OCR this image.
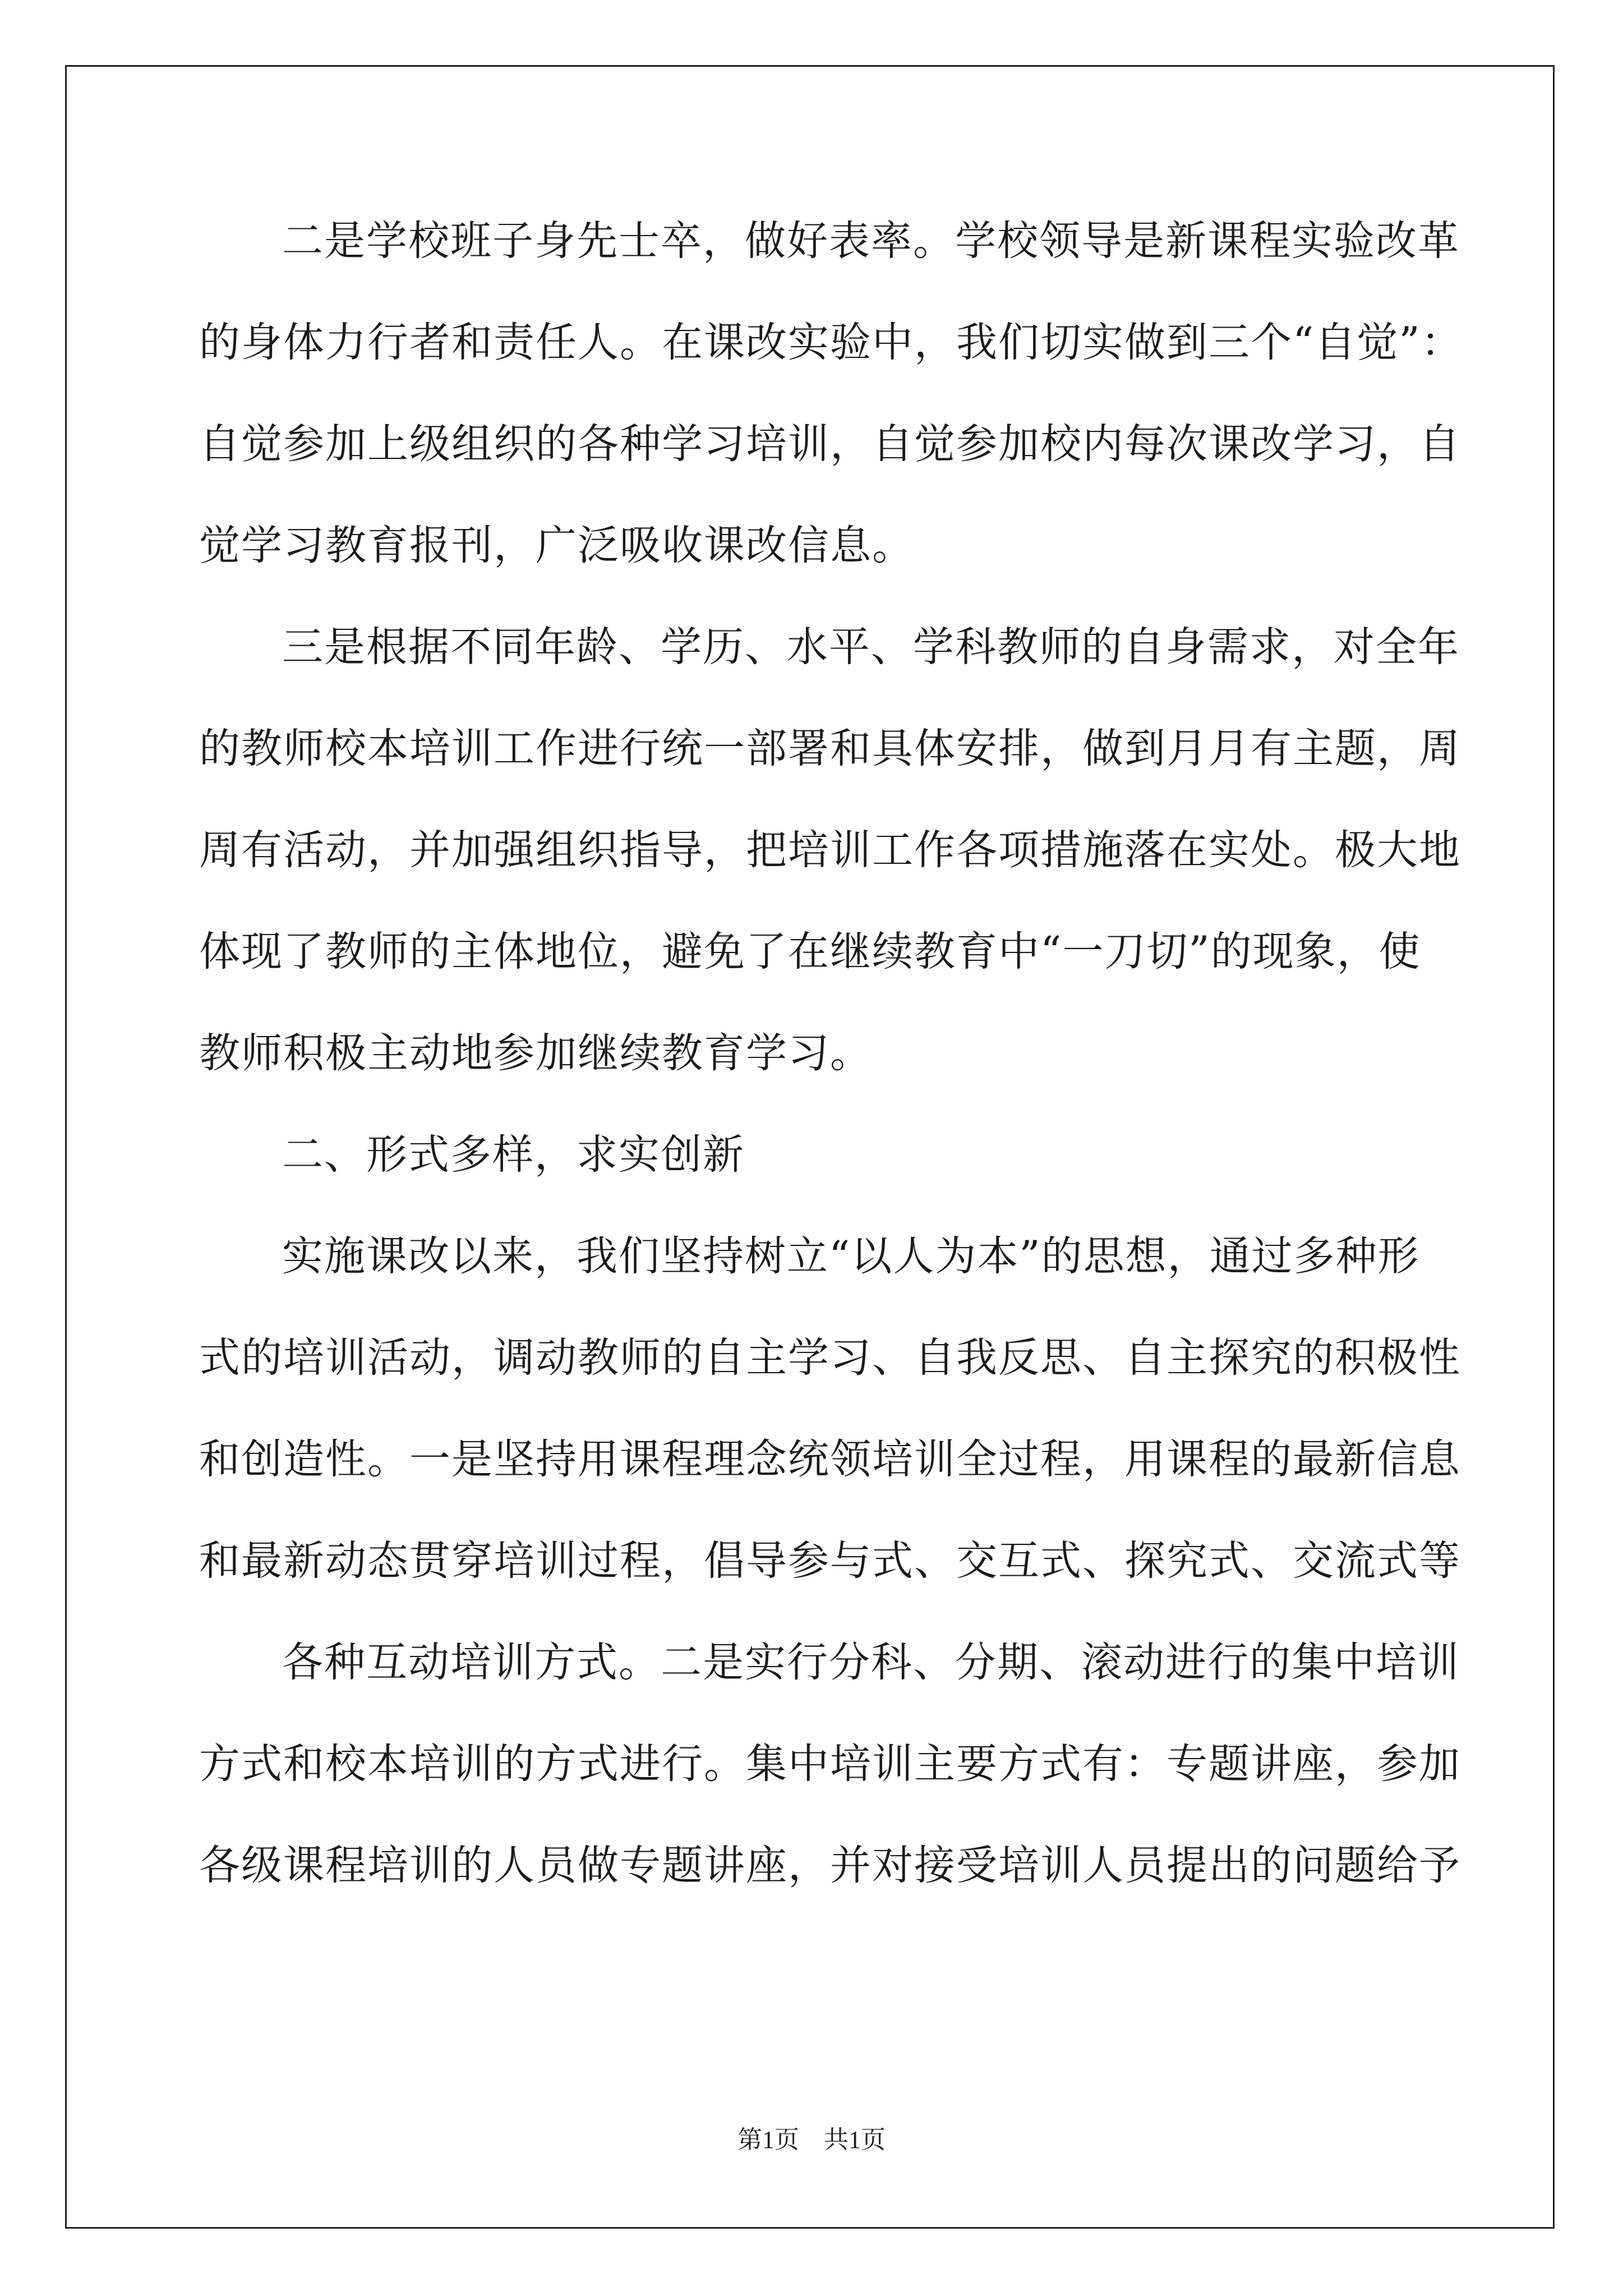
二是学校班子身先士卒，做好表率。学校领导是新课程实验改革
的身体力行者和责任人。在课改实验中，我们切实做到三个“自觉”：
自觉参加上级组织的各种学习培训，自觉参加校内每次课改学习，自
觉学习教育报刊，广泛吸收课改信息。
三是根据不同年龄、学历、水平、学科教师的自身需求，对全年
的教师校本培训工作进行统一部署和具体安排，做到月月有主题，周
周有活动，并加强组织指导，把培训工作各项措施落在实处。极大地
体现了教师的主体地位，避免了在继续教育中“一刀切”的现象，使
教师积极主动地参加继续教育学习。
二、形式多样，求实创新
实施课改以来，我们坚持树立“以人为本”的思想，通过多种形
式的培训活动，调动教师的自主学习、自我反思、自主探究的积极性
和创造性。一是坚持用课程理念统领培训全过程，用课程的最新信息
和最新动态贯穿培训过程，倡导参与式、交互式、探究式、交流式等
各种互动培训方式。二是实行分科、分期、滚动进行的集中培训
方式和校本培训的方式进行。集中培训主要方式有：专题讲座，参加
各级课程培训的人员做专题讲座，并对接受培训人员提出的问题给予
第1页　共1页
